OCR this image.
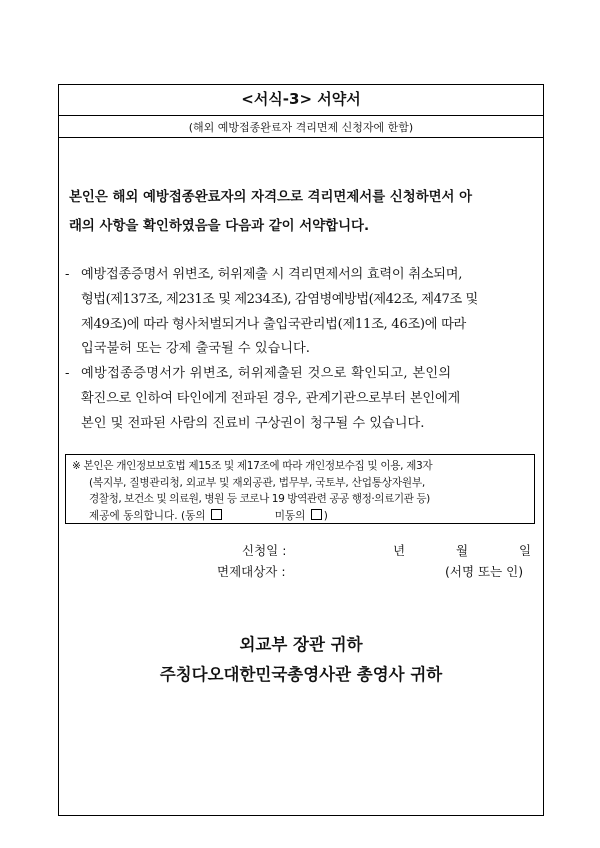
<서식-3> 서약서
(해외 예방접종완료자 격리면제 신청자에 한함)
본인은 해외 예방접종완료자의 자격으로 격리면제서를 신청하면서 아
래의 사항을 확인하였음을 다음과 같이 서약합니다.
- 예방접종증명서 위변조, 허위제출 시 격리면제서의 효력이 취소되며,
형법(제137조, 제231조 및 제234조), 감염병예방법(제42조, 제47조 및
제49조)에 따라 형사처벌되거나 출입국관리법(제11조, 46조)에 따라
입국불허 또는 강제 출국될 수 있습니다.
- 예방접종증명서가 위변조, 허위제출된 것으로 확인되고, 본인의
확진으로 인하여 타인에게 전파된 경우, 관계기관으로부터 본인에게
본인 및 전파된 사람의 진료비 구상권이 청구될 수 있습니다.
※ 본인은 개인정보보호법 제15조 및 제17조에 따라 개인정보수집 및 이용, 제3자
(복지부, 질병관리청, 외교부 및 재외공관, 법무부, 국토부, 산업통상자원부,
경찰청, 보건소 및 의료원, 병원 등 코로나 19 방역관련 공공 행정·의료기관 등)
제공에 동의합니다. (동의	미동의 )
신청일 :	년	월	일
면제대상자 :	(서명 또는 인)
외교부 장관 귀하
주칭다오대한민국총영사관 총영사 귀하
